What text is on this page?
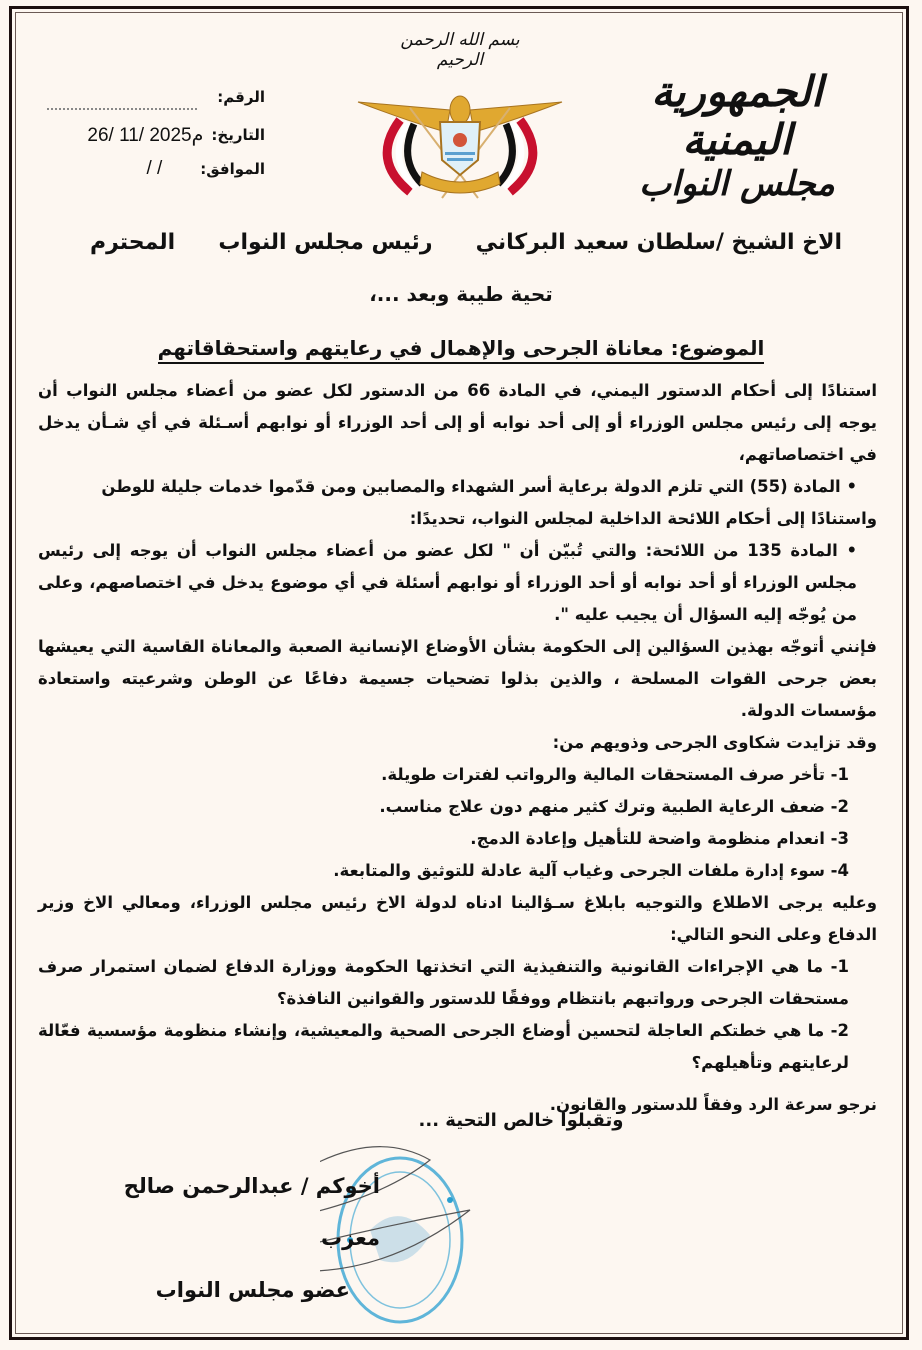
الجمهورية اليمنية
مجلس النواب
بسم الله الرحمن الرحيم
الرقم:
التاريخ:
26/ 11/ 2025م
الموافق:
/ /
الاخ الشيخ /سلطان سعيد البركاني
رئيس مجلس النواب
المحترم
تحية طيبة وبعد ...،
الموضوع: معاناة الجرحى والإهمال في رعايتهم واستحقاقاتهم

استنادًا إلى أحكام الدستور اليمني، في المادة 66 من الدستور لكل عضو من أعضاء مجلس النواب أن يوجه إلى رئيس مجلس الوزراء أو إلى أحد نوابه أو إلى أحد الوزراء أو نوابهم أسـئلة في أي شـأن يدخل في اختصاصاتهم،

• المادة (55) التي تلزم الدولة برعاية أسر الشهداء والمصابين ومن قدّموا خدمات جليلة للوطن

واستنادًا إلى أحكام اللائحة الداخلية لمجلس النواب، تحديدًا:

• المادة 135 من اللائحة: والتي تُبيّن أن " لكل عضو من أعضاء مجلس النواب أن يوجه إلى رئيس مجلس الوزراء أو أحد نوابه أو أحد الوزراء أو نوابهم أسئلة في أي موضوع يدخل في اختصاصهم، وعلى من يُوجّه إليه السؤال أن يجيب عليه ".

فإنني أتوجّه بهذين السؤالين إلى الحكومة بشأن الأوضاع الإنسانية الصعبة والمعاناة القاسية التي يعيشها بعض جرحى القوات المسلحة ، والذين بذلوا تضحيات جسيمة دفاعًا عن الوطن وشرعيته واستعادة مؤسسات الدولة.

وقد تزايدت شكاوى الجرحى وذويهم من:

1- تأخر صرف المستحقات المالية والرواتب لفترات طويلة.
2- ضعف الرعاية الطبية وترك كثير منهم دون علاج مناسب.
3- انعدام منظومة واضحة للتأهيل وإعادة الدمج.
4- سوء إدارة ملفات الجرحى وغياب آلية عادلة للتوثيق والمتابعة.

وعليه يرجى الاطلاع والتوجيه بابلاغ سـؤالينا ادناه لدولة الاخ رئيس مجلس الوزراء، ومعالي الاخ وزير الدفاع وعلى النحو التالي:

1- ما هي الإجراءات القانونية والتنفيذية التي اتخذتها الحكومة ووزارة الدفاع لضمان استمرار صرف مستحقات الجرحى ورواتبهم بانتظام ووفقًا للدستور والقوانين النافذة؟

2- ما هي خطتكم العاجلة لتحسين أوضاع الجرحى الصحية والمعيشية، وإنشاء منظومة مؤسسية فعّالة لرعايتهم وتأهيلهم؟

نرجو سرعة الرد وفقاً للدستور والقانون.

وتقبلوا خالص التحية ...
أخوكم / عبدالرحمن صالح معزب
عضو مجلس النواب
